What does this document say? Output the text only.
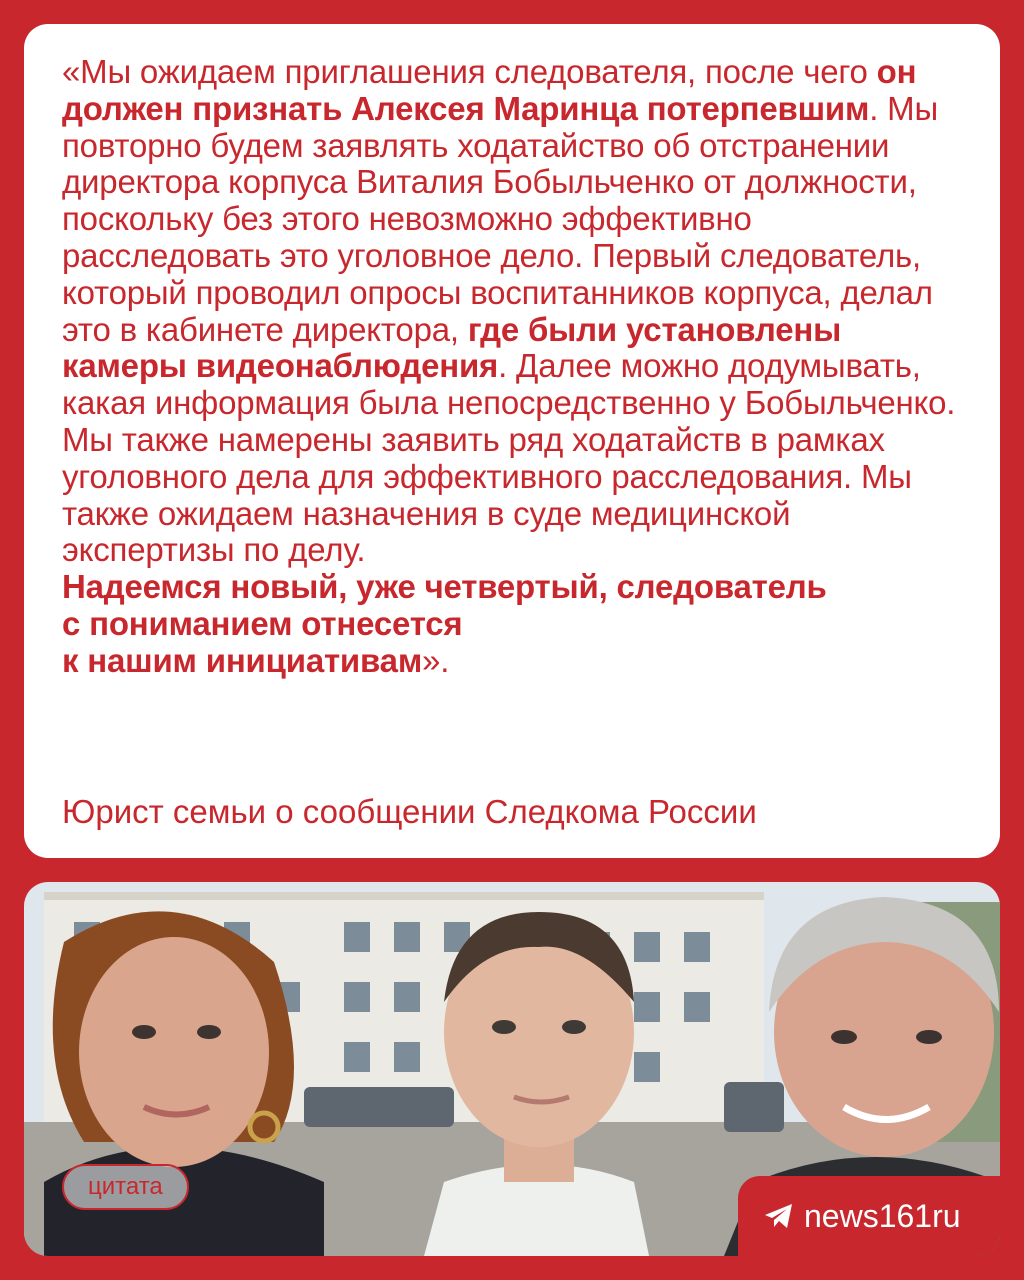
«Мы ожидаем приглашения следователя, после чего он должен признать Алексея Маринца потерпевшим. Мы повторно будем заявлять ходатайство об отстранении директора корпуса Виталия Бобыльченко от должности, поскольку без этого невозможно эффективно расследовать это уголовное дело. Первый следователь, который проводил опросы воспитанников корпуса, делал это в кабинете директора, где были установлены камеры видеонаблюдения. Далее можно додумывать, какая информация была непосредственно у Бобыльченко. Мы также намерены заявить ряд ходатайств в рамках уголовного дела для эффективного расследования. Мы также ожидаем назначения в суде медицинской экспертизы по делу.
Надеемся новый, уже четвертый, следователь
с пониманием отнесется
к нашим инициативам».

Юрист семьи о сообщении Следкома России

цитата
news161ru
